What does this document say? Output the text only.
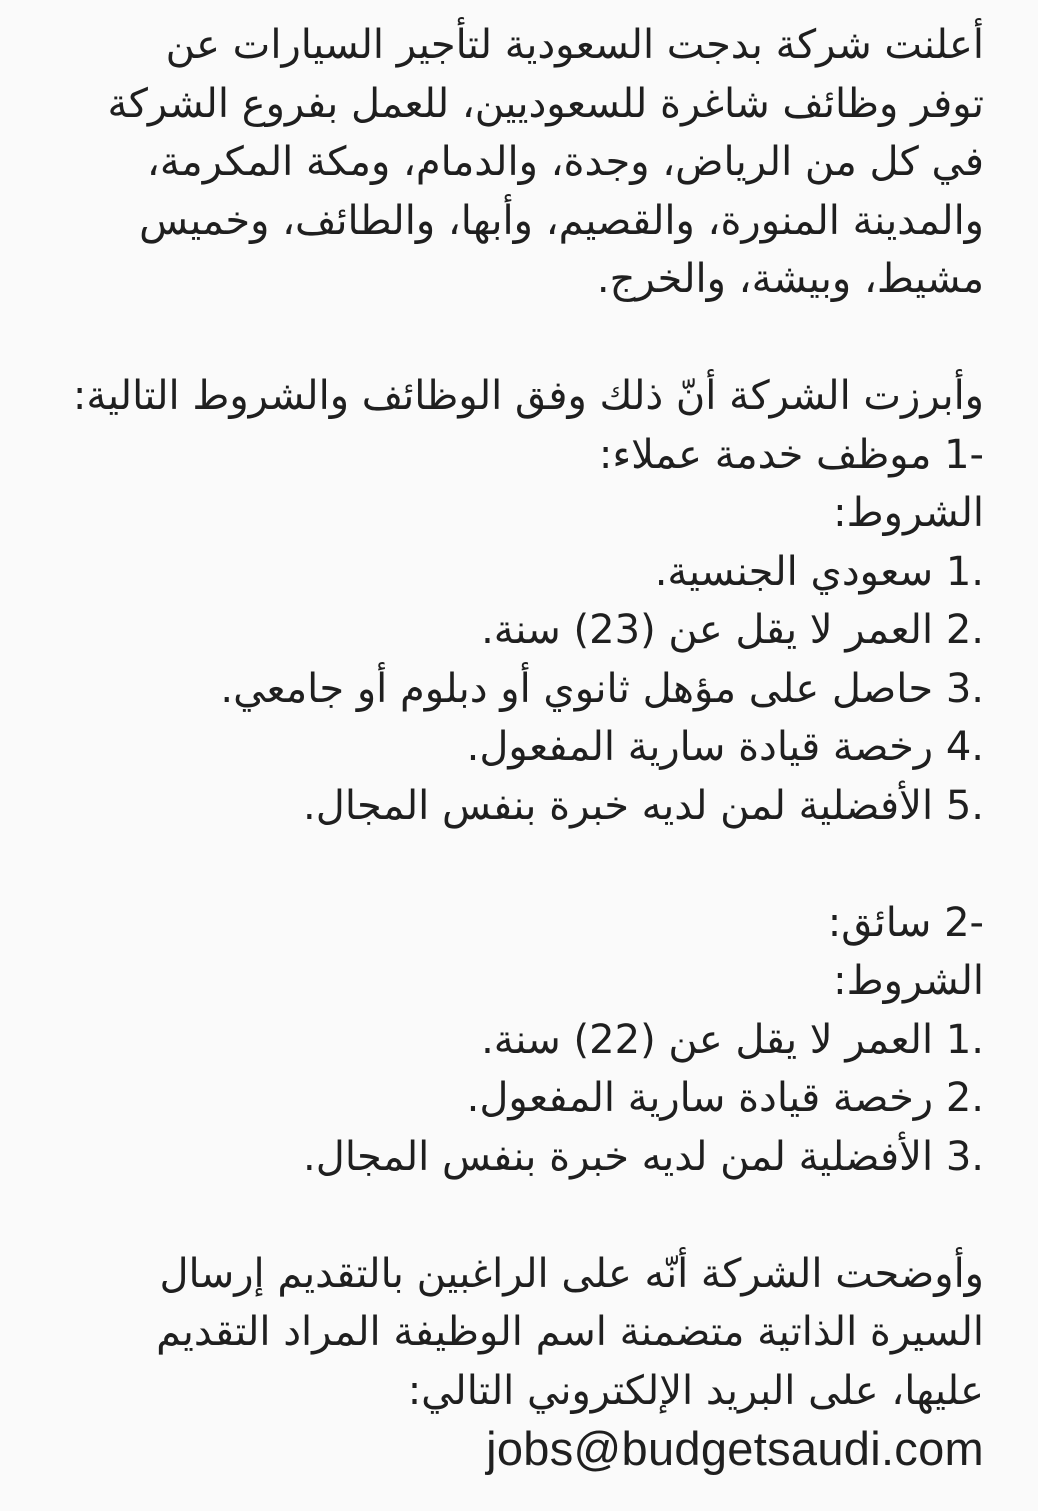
أعلنت شركة بدجت السعودية لتأجير السيارات عن
توفر وظائف شاغرة للسعوديين، للعمل بفروع الشركة
في كل من الرياض، وجدة، والدمام، ومكة المكرمة،
والمدينة المنورة، والقصيم، وأبها، والطائف، وخميس
مشيط، وبيشة، والخرج.
وأبرزت الشركة أنّ ذلك وفق الوظائف والشروط التالية:
1- موظف خدمة عملاء:
الشروط:
1. سعودي الجنسية.
2. العمر لا يقل عن (23) سنة.
3. حاصل على مؤهل ثانوي أو دبلوم أو جامعي.
4. رخصة قيادة سارية المفعول.
5. الأفضلية لمن لديه خبرة بنفس المجال.
2- سائق:
الشروط:
1. العمر لا يقل عن (22) سنة.
2. رخصة قيادة سارية المفعول.
3. الأفضلية لمن لديه خبرة بنفس المجال.
وأوضحت الشركة أنّه على الراغبين بالتقديم إرسال
السيرة الذاتية متضمنة اسم الوظيفة المراد التقديم
عليها، على البريد الإلكتروني التالي:
jobs@budgetsaudi.com
